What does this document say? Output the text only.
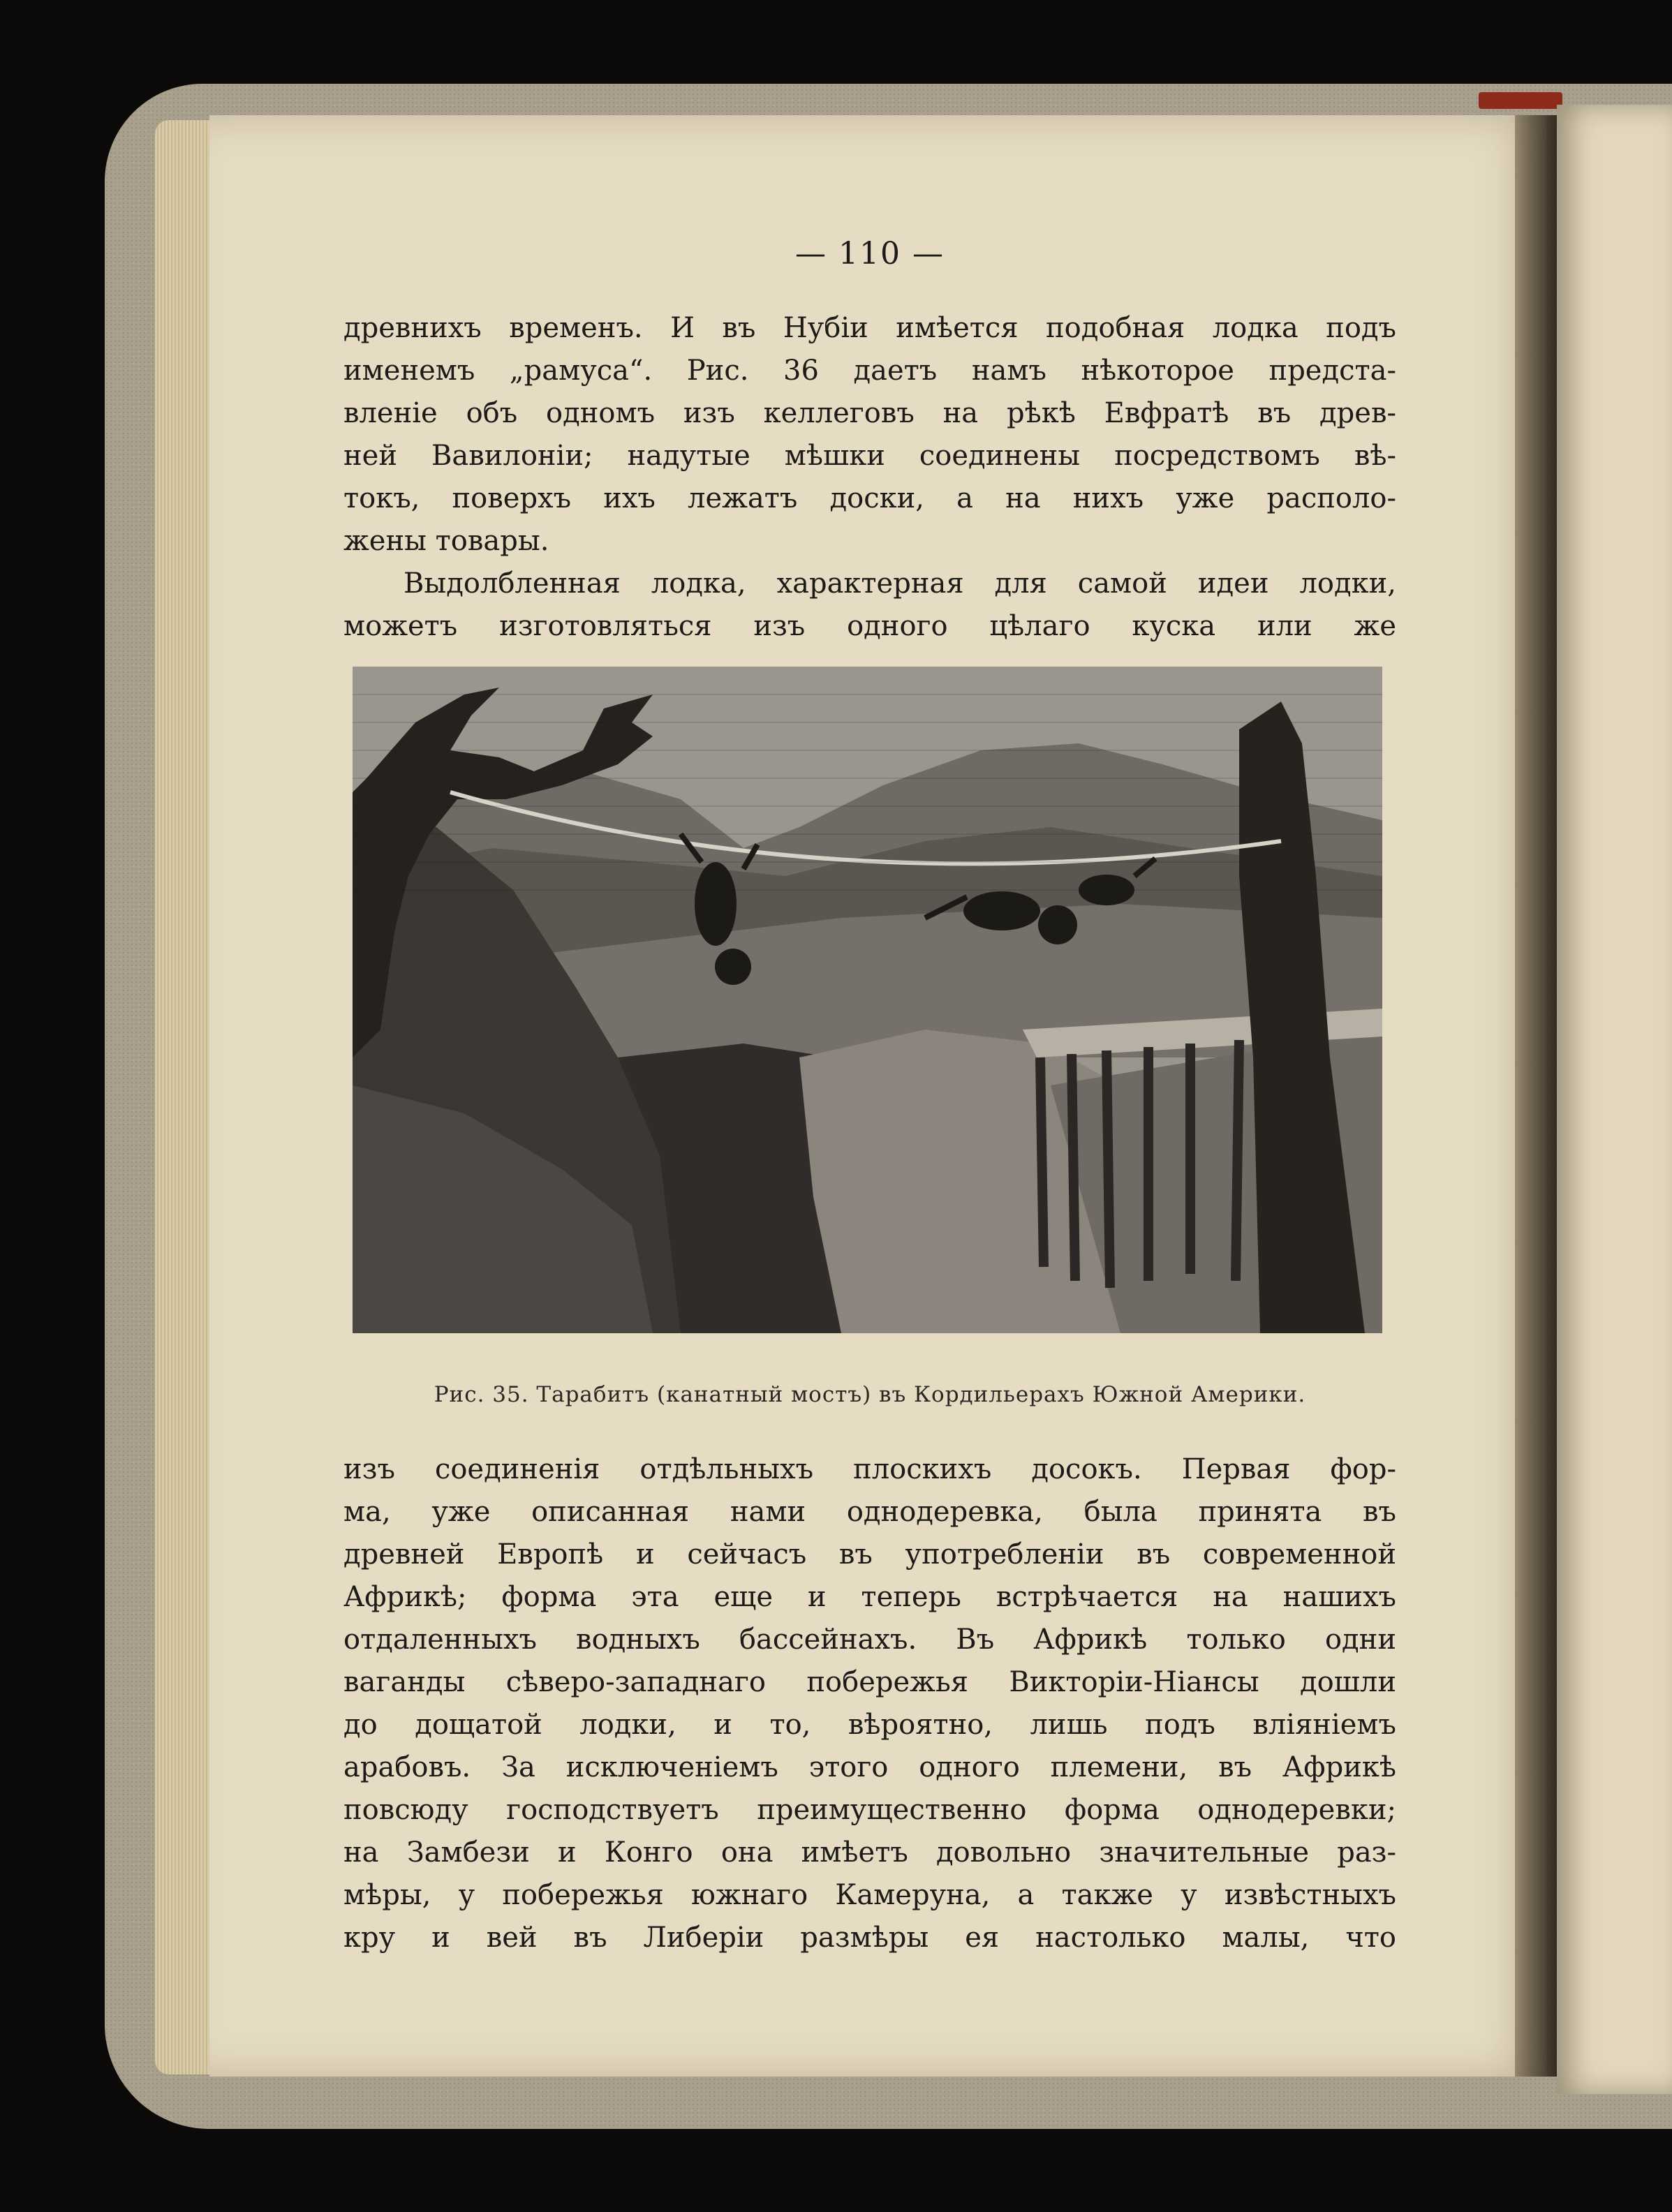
— 110 —
древнихъ временъ. И въ Нубіи имѣется подобная лодка подъ
именемъ „рамуса“. Рис. 36 даетъ намъ нѣкоторое предста-
вленіе объ одномъ изъ келлеговъ на рѣкѣ Евфратѣ въ древ-
ней Вавилоніи; надутые мѣшки соединены посредствомъ вѣ-
токъ, поверхъ ихъ лежатъ доски, а на нихъ уже располо-
жены товары.
Выдолбленная лодка, характерная для самой идеи лодки,
можетъ изготовляться изъ одного цѣлаго куска или же
Рис. 35. Тарабитъ (канатный мостъ) въ Кордильерахъ Южной Америки.
изъ соединенія отдѣльныхъ плоскихъ досокъ. Первая фор-
ма, уже описанная нами однодеревка, была принята въ
древней Европѣ и сейчасъ въ употребленіи въ современной
Африкѣ; форма эта еще и теперь встрѣчается на нашихъ
отдаленныхъ водныхъ бассейнахъ. Въ Африкѣ только одни
ваганды сѣверо-западнаго побережья Викторіи-Ніансы дошли
до дощатой лодки, и то, вѣроятно, лишь подъ вліяніемъ
арабовъ. За исключеніемъ этого одного племени, въ Африкѣ
повсюду господствуетъ преимущественно форма однодеревки;
на Замбези и Конго она имѣетъ довольно значительные раз-
мѣры, у побережья южнаго Камеруна, а также у извѣстныхъ
кру и вей въ Либеріи размѣры ея настолько малы, что
